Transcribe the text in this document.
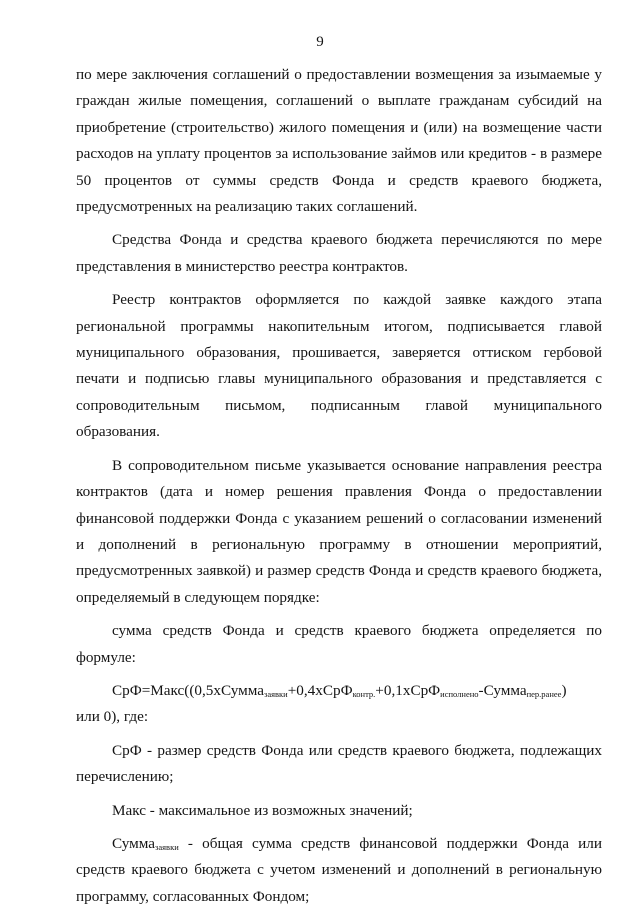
9

по мере заключения соглашений о предоставлении возмещения за изымаемые у граждан жилые помещения, соглашений о выплате гражданам субсидий на приобретение (строительство) жилого помещения и (или) на возмещение части расходов на уплату процентов за использование займов или кредитов - в размере 50 процентов от суммы средств Фонда и средств краевого бюджета, предусмотренных на реализацию таких соглашений.

Средства Фонда и средства краевого бюджета перечисляются по мере представления в министерство реестра контрактов.

Реестр контрактов оформляется по каждой заявке каждого этапа региональной программы накопительным итогом, подписывается главой муниципального образования, прошивается, заверяется оттиском гербовой печати и подписью главы муниципального образования и представляется с сопроводительным письмом, подписанным главой муниципального образования.

В сопроводительном письме указывается основание направления реестра контрактов (дата и номер решения правления Фонда о предоставлении финансовой поддержки Фонда с указанием решений о согласовании изменений и дополнений в региональную программу в отношении мероприятий, предусмотренных заявкой) и размер средств Фонда и средств краевого бюджета, определяемый в следующем порядке:

сумма средств Фонда и средств краевого бюджета определяется по формуле:

СрФ=Макс((0,5хСумма$_{заявки}$+0,4хСрФ$_{контр.}$+0,1хСрФ$_{исполнено}$-Сумма$_{пер.ранее}$)

или 0), где:

СрФ - размер средств Фонда или средств краевого бюджета, подлежащих перечислению;

Макс - максимальное из возможных значений;

Сумма$_{заявки}$ - общая сумма средств финансовой поддержки Фонда или средств краевого бюджета с учетом изменений и дополнений в региональную программу, согласованных Фондом;
